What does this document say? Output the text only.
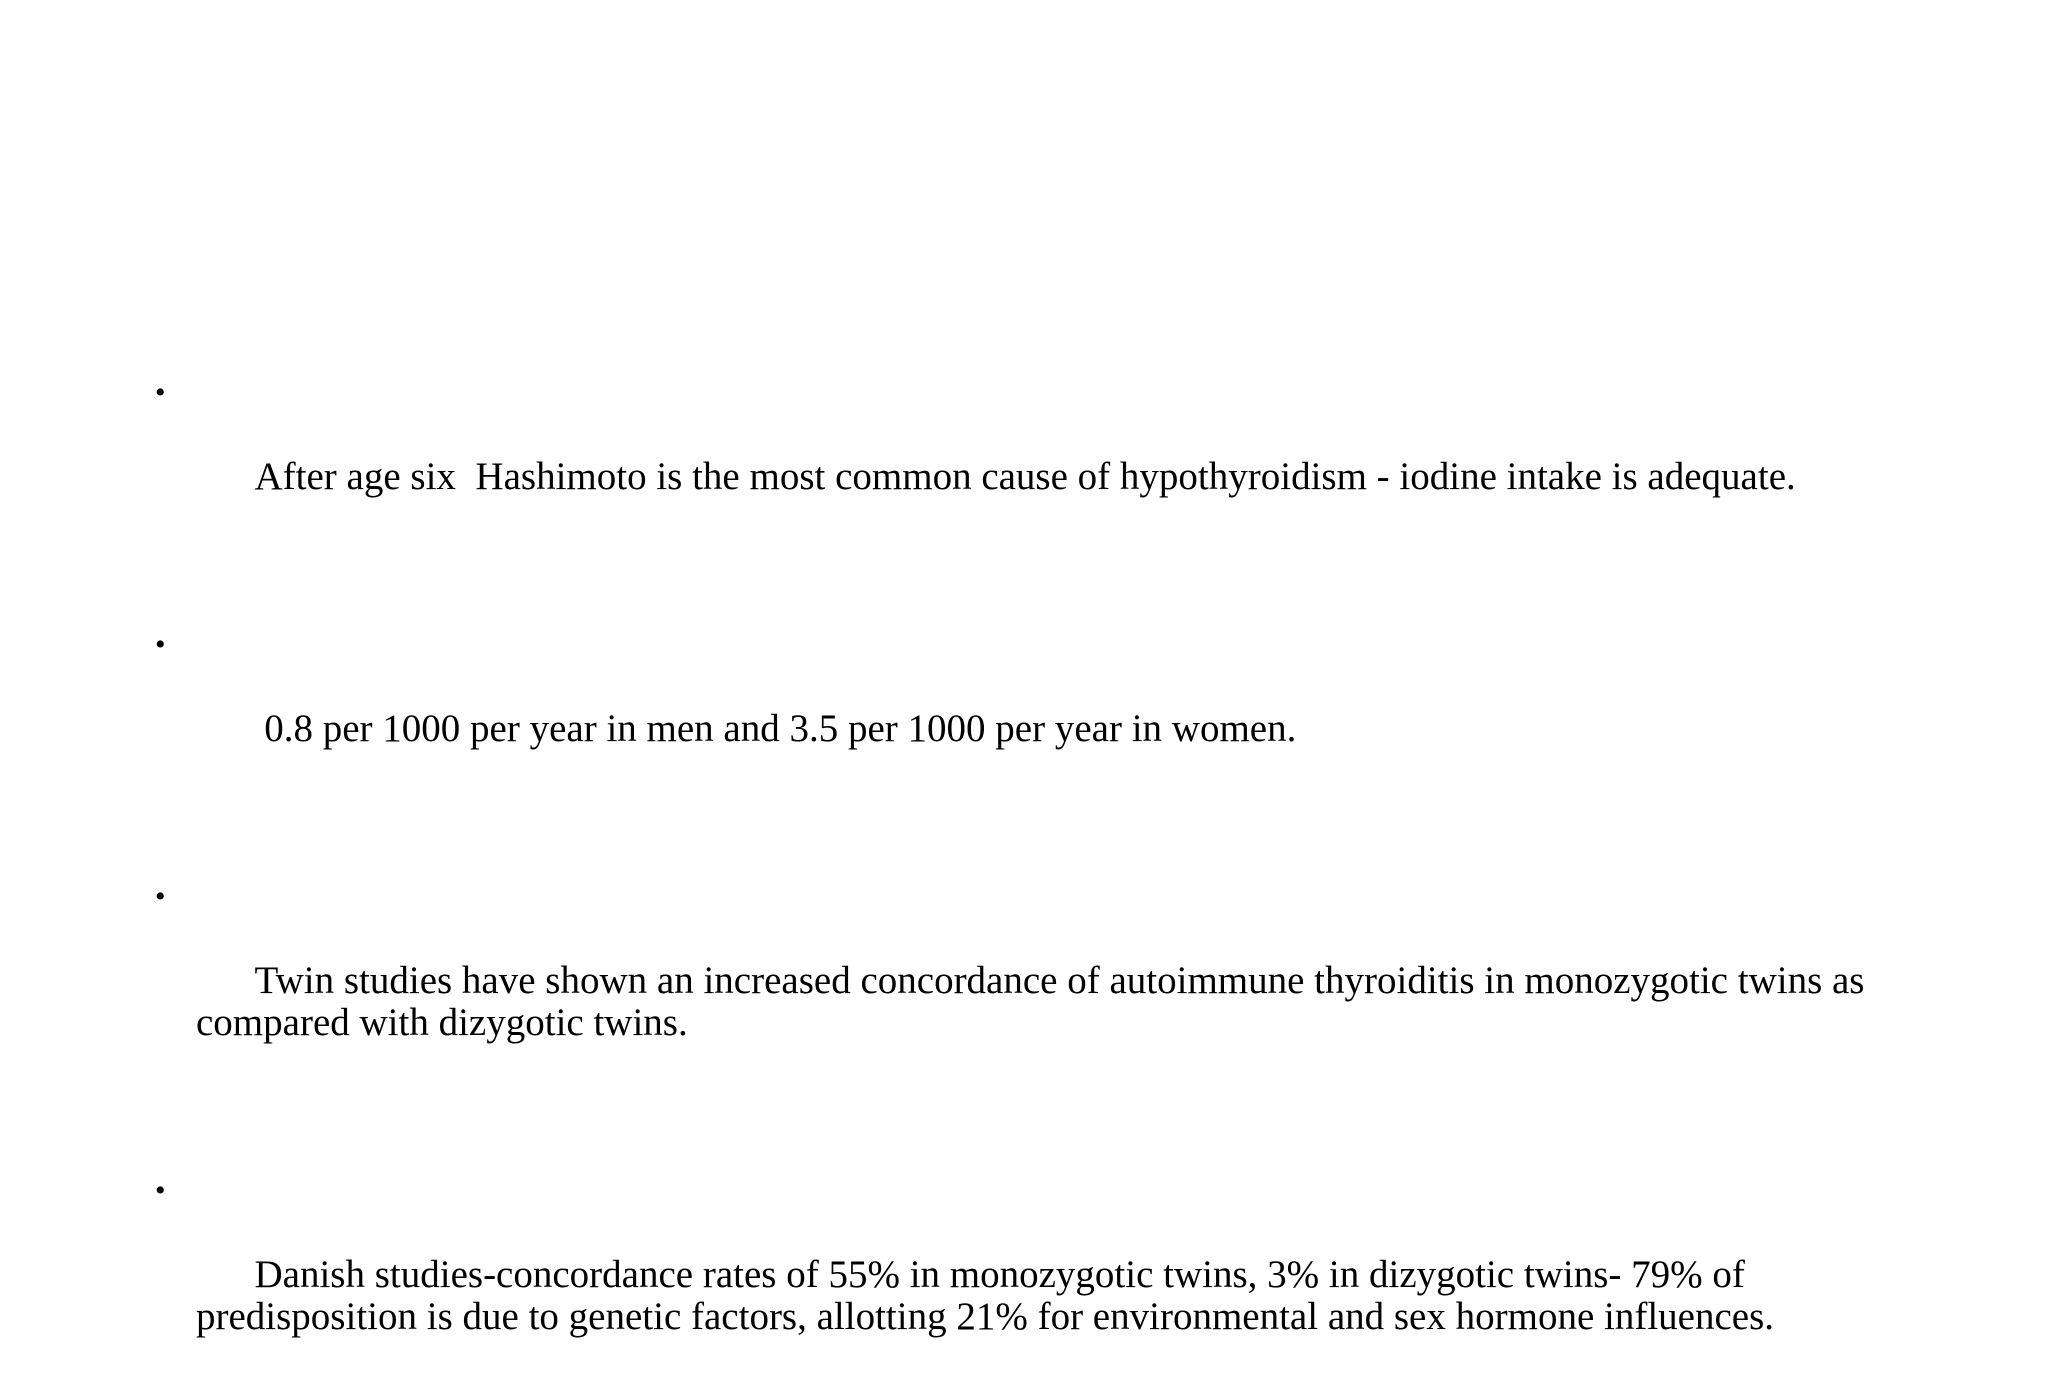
•

After age six  Hashimoto is the most common cause of hypothyroidism - iodine intake is adequate.

•

0.8 per 1000 per year in men and 3.5 per 1000 per year in women.

•

Twin studies have shown an increased concordance of autoimmune thyroiditis in monozygotic twins as compared with dizygotic twins.

•

Danish studies-concordance rates of 55% in monozygotic twins, 3% in dizygotic twins- 79% of predisposition is due to genetic factors, allotting 21% for environmental and sex hormone influences.
